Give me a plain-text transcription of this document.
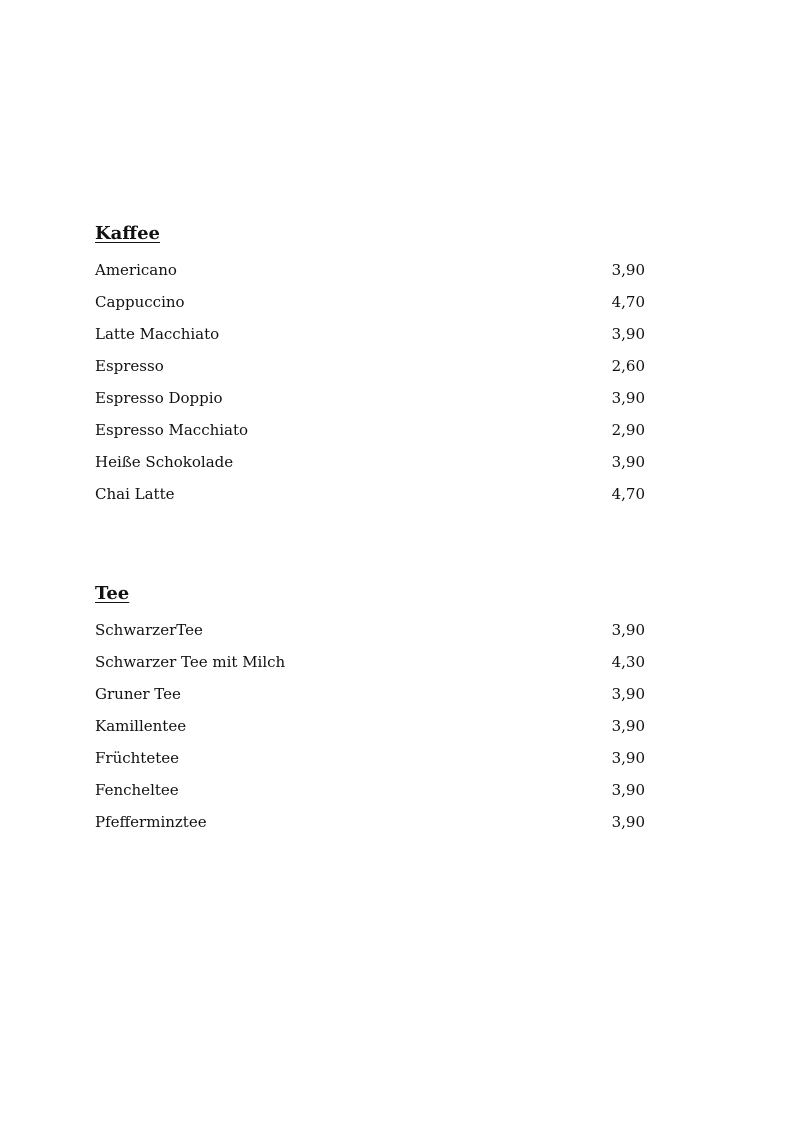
Kaffee
Americano	3,90
Cappuccino	4,70
Latte Macchiato	3,90
Espresso	2,60
Espresso Doppio	3,90
Espresso Macchiato	2,90
Heiße Schokolade	3,90
Chai Latte	4,70
Tee
SchwarzerTee	3,90
Schwarzer Tee mit Milch	4,30
Gruner Tee	3,90
Kamillentee	3,90
Früchtetee	3,90
Fencheltee	3,90
Pfefferminztee	3,90
